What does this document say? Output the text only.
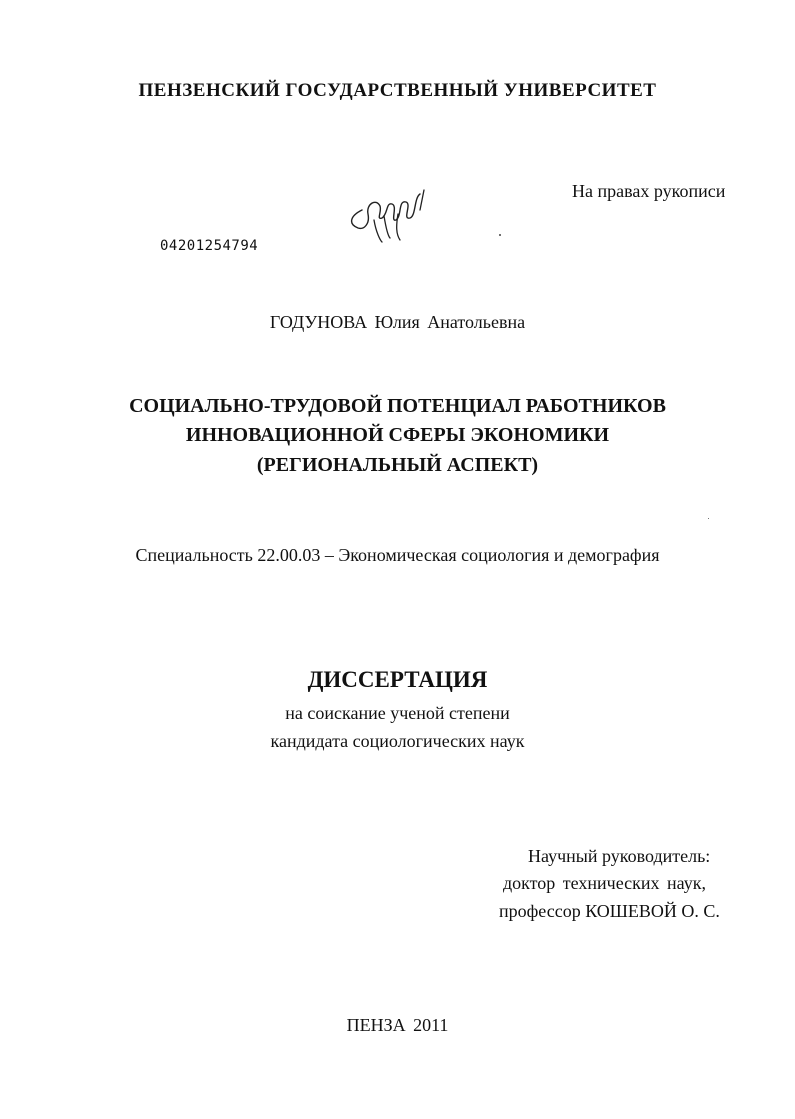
ПЕНЗЕНСКИЙ ГОСУДАРСТВЕННЫЙ УНИВЕРСИТЕТ
На правах рукописи
04201254794
ГОДУНОВА Юлия Анатольевна
СОЦИАЛЬНО-ТРУДОВОЙ ПОТЕНЦИАЛ РАБОТНИКОВ
ИННОВАЦИОННОЙ СФЕРЫ ЭКОНОМИКИ
(РЕГИОНАЛЬНЫЙ АСПЕКТ)
Специальность 22.00.03 – Экономическая социология и демография
ДИССЕРТАЦИЯ
на соискание ученой степени
кандидата социологических наук
Научный руководитель:
доктор технических наук,
профессор КОШЕВОЙ О. С.
ПЕНЗА 2011
